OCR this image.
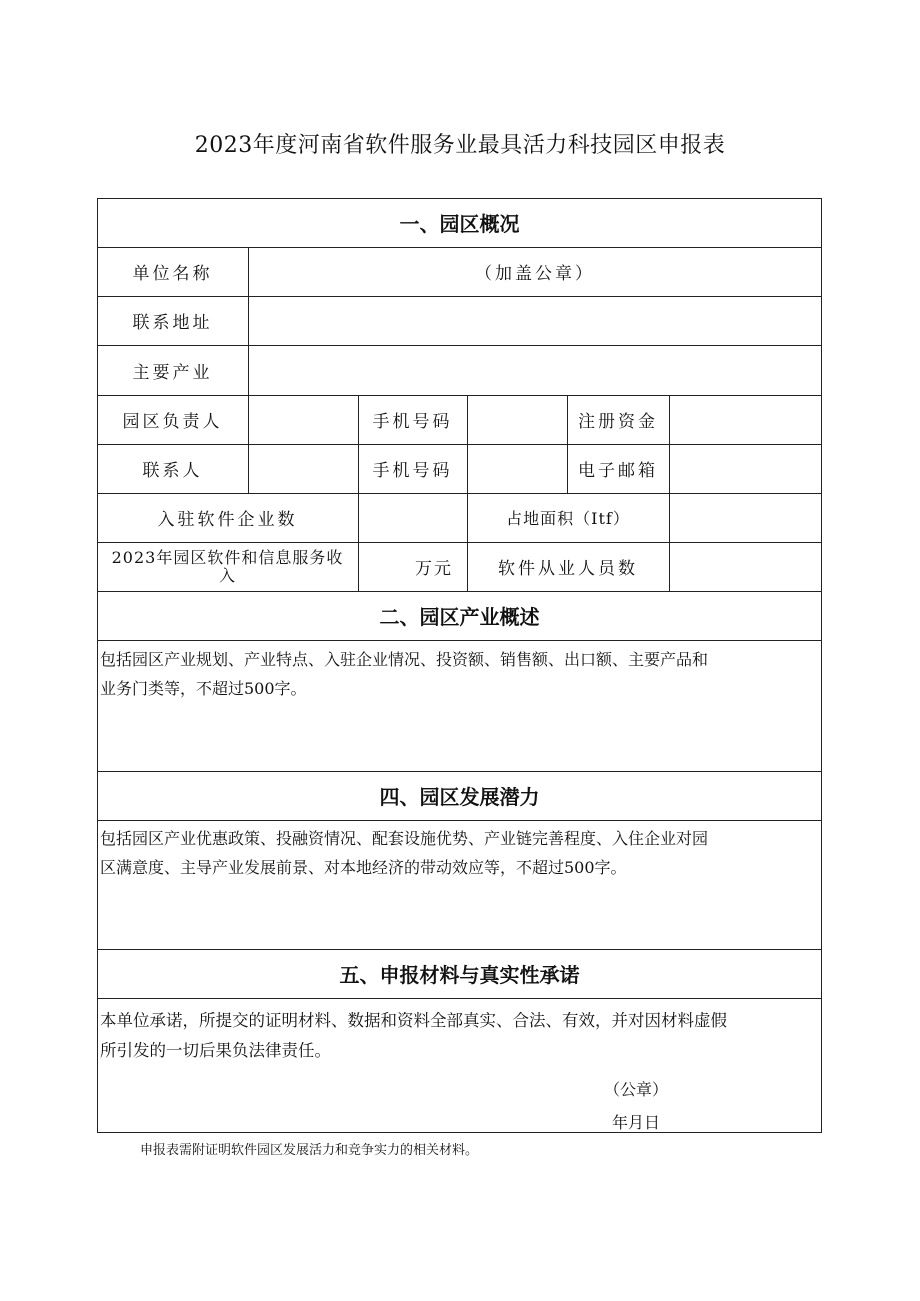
2023年度河南省软件服务业最具活力科技园区申报表
一、园区概况
单位名称	（加盖公章）
联系地址
主要产业
园区负责人	手机号码	注册资金
联系人	手机号码	电子邮箱
入驻软件企业数	占地面积（Itf）
2023年园区软件和信息服务收
入	万元	软件从业人员数
二、园区产业概述
包括园区产业规划、产业特点、入驻企业情况、投资额、销售额、出口额、主要产品和
业务门类等，不超过500字。
四、园区发展潜力
包括园区产业优惠政策、投融资情况、配套设施优势、产业链完善程度、入住企业对园
区满意度、主导产业发展前景、对本地经济的带动效应等，不超过500字。
五、申报材料与真实性承诺
本单位承诺，所提交的证明材料、数据和资料全部真实、合法、有效，并对因材料虚假
所引发的一切后果负法律责任。
（公章）
年月日
申报表需附证明软件园区发展活力和竞争实力的相关材料。
